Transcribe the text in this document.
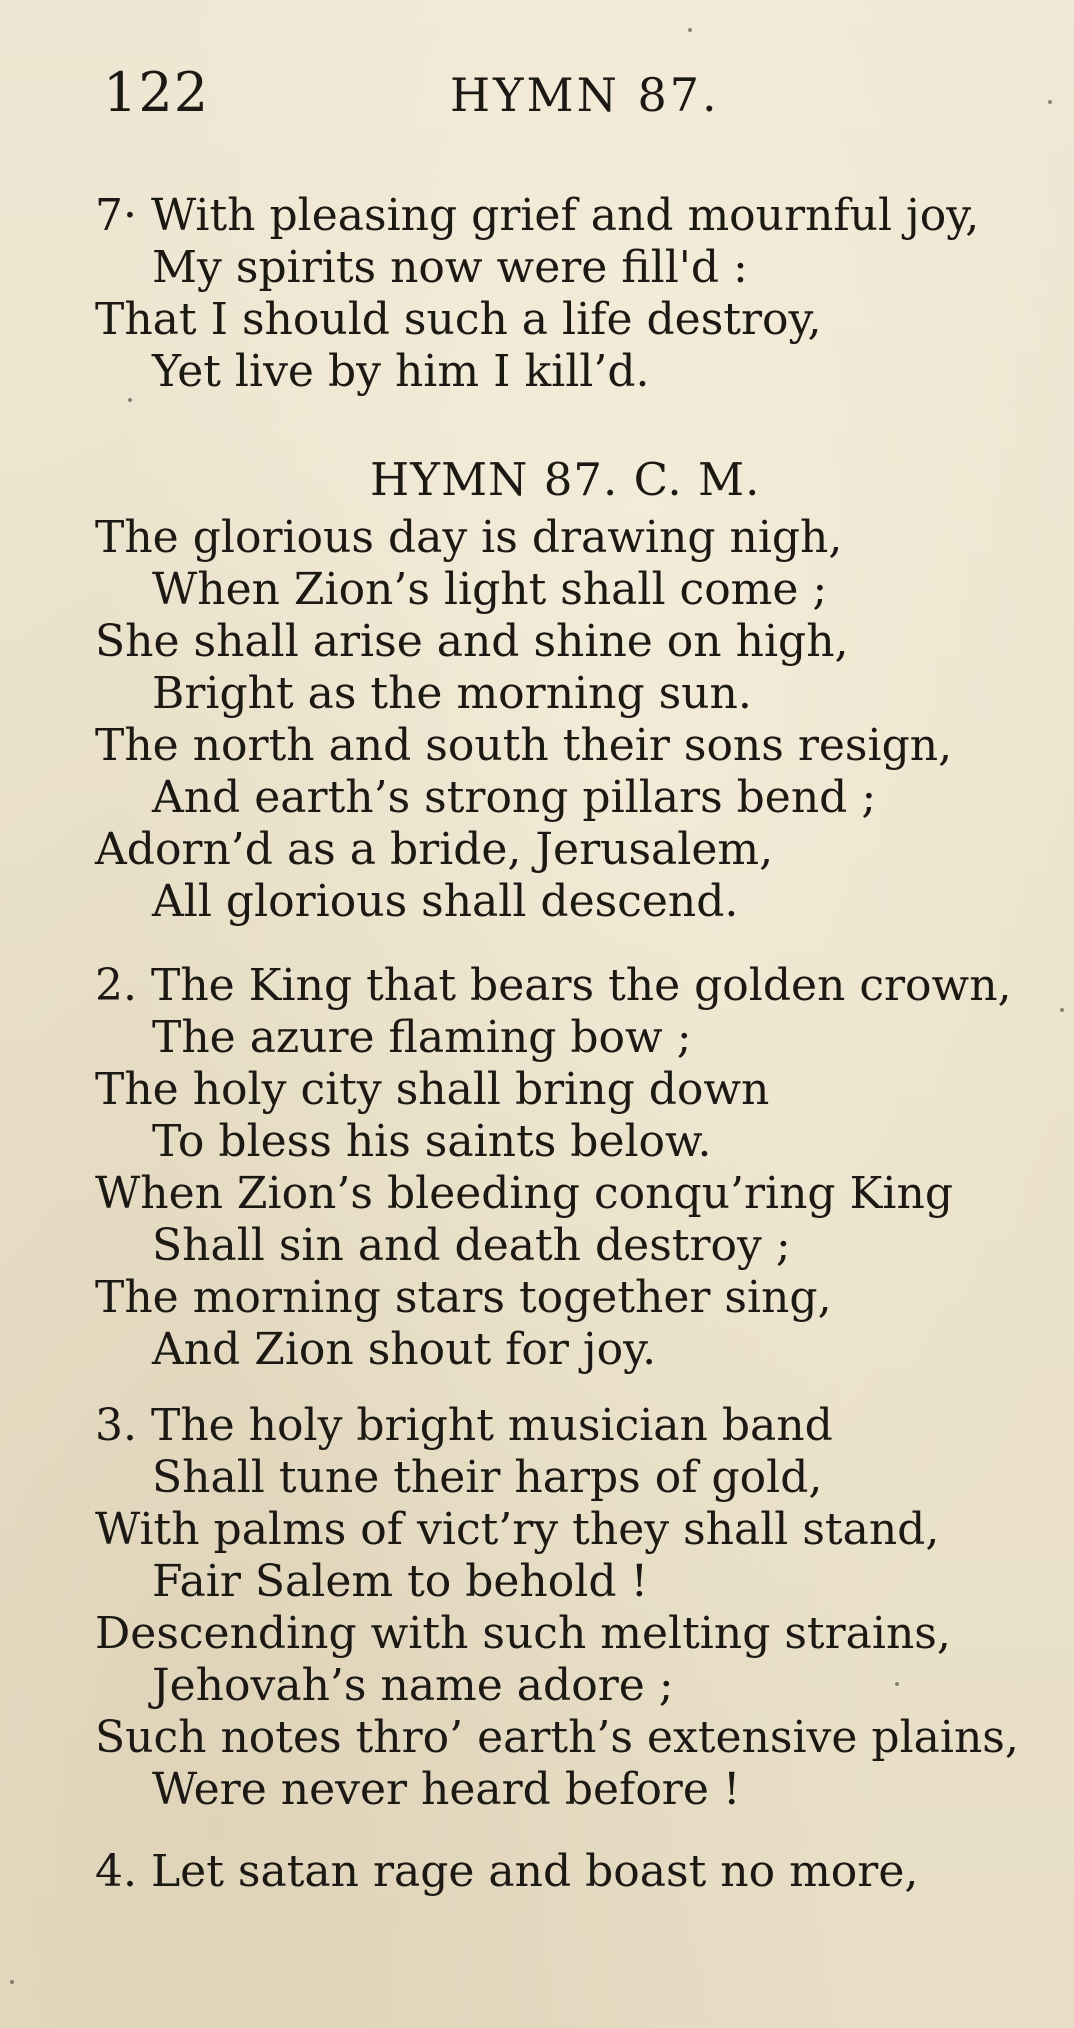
122	HYMN 87.
7· With pleasing grief and mournful joy,
My spirits now were fill'd :
That I should such a life destroy,
Yet live by him I kill’d.
HYMN 87. C. M.
The glorious day is drawing nigh,
When Zion’s light shall come ;
She shall arise and shine on high,
Bright as the morning sun.
The north and south their sons resign,
And earth’s strong pillars bend ;
Adorn’d as a bride, Jerusalem,
All glorious shall descend.
2. The King that bears the golden crown,
The azure flaming bow ;
The holy city shall bring down
To bless his saints below.
When Zion’s bleeding conqu’ring King
Shall sin and death destroy ;
The morning stars together sing,
And Zion shout for joy.
3. The holy bright musician band
Shall tune their harps of gold,
With palms of vict’ry they shall stand,
Fair Salem to behold !
Descending with such melting strains,
Jehovah’s name adore ;
Such notes thro’ earth’s extensive plains,
Were never heard before !
4. Let satan rage and boast no more,
